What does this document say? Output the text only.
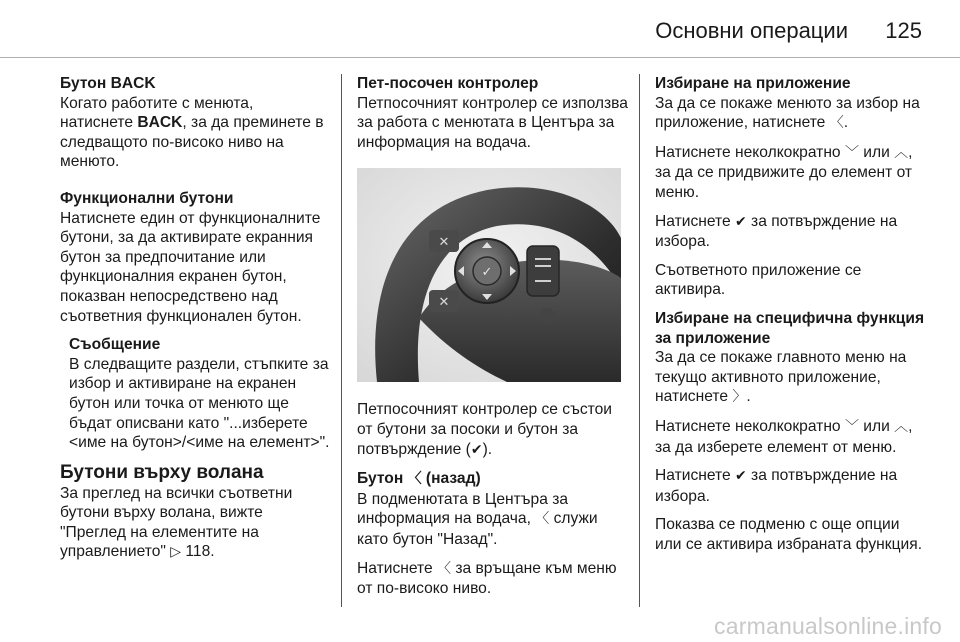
Основни операции 125
Бутон BACK
Когато работите с менюта, натиснете BACK, за да преминете в следващото по-високо ниво на менюто.
Функционални бутони
Натиснете един от функционалните бутони, за да активирате екранния бутон за предпочитание или функционалния екранен бутон, показван непосредствено над съответния функционален бутон.
Съобщение
В следващите раздели, стъпките за избор и активиране на екранен бутон или точка от менюто ще бъдат описвани като "...изберете <име на бутон>/<име на елемент>".
Бутони върху волана
За преглед на всички съответни бутони върху волана, вижте "Преглед на елементите на управлението" ▷ 118.
Пет-посочен контролер
Петпосочният контролер се използва за работа с менютата в Центъра за информация на водача.
✕
✕
✓
Петпосочният контролер се състои от бутони за посоки и бутон за потвърждение (✔).
Бутон 〈 (назад)
В подменютата в Центъра за информация на водача, 〈 служи като бутон "Назад".
Натиснете 〈 за връщане към меню от по-високо ниво.
Избиране на приложение
За да се покаже менюто за избор на приложение, натиснете 〈.
Натиснете неколкократно ﹀ или ︿, за да се придвижите до елемент от меню.
Натиснете ✔ за потвърждение на избора.
Съответното приложение се активира.
Избиране на специфична функция за приложение
За да се покаже главното меню на текущо активното приложение, натиснете 〉.
Натиснете неколкократно ﹀ или ︿, за да изберете елемент от меню.
Натиснете ✔ за потвърждение на избора.
Показва се подменю с още опции или се активира избраната функция.
carmanualsonline.info
